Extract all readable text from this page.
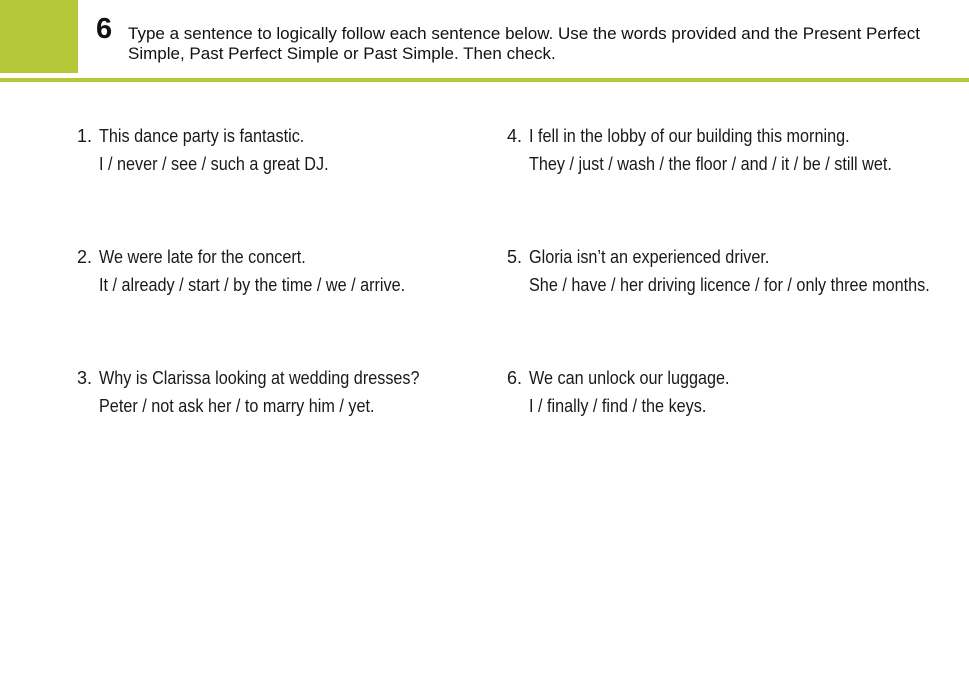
6 Type a sentence to logically follow each sentence below. Use the words provided and the Present Perfect Simple, Past Perfect Simple or Past Simple. Then check.
1. This dance party is fantastic.
I / never / see / such a great DJ.
2. We were late for the concert.
It / already / start / by the time / we / arrive.
3. Why is Clarissa looking at wedding dresses?
Peter / not ask her / to marry him / yet.
4. I fell in the lobby of our building this morning.
They / just / wash / the floor / and / it / be / still wet.
5. Gloria isn’t an experienced driver.
She / have / her driving licence / for / only three months.
6. We can unlock our luggage.
I / finally / find / the keys.
